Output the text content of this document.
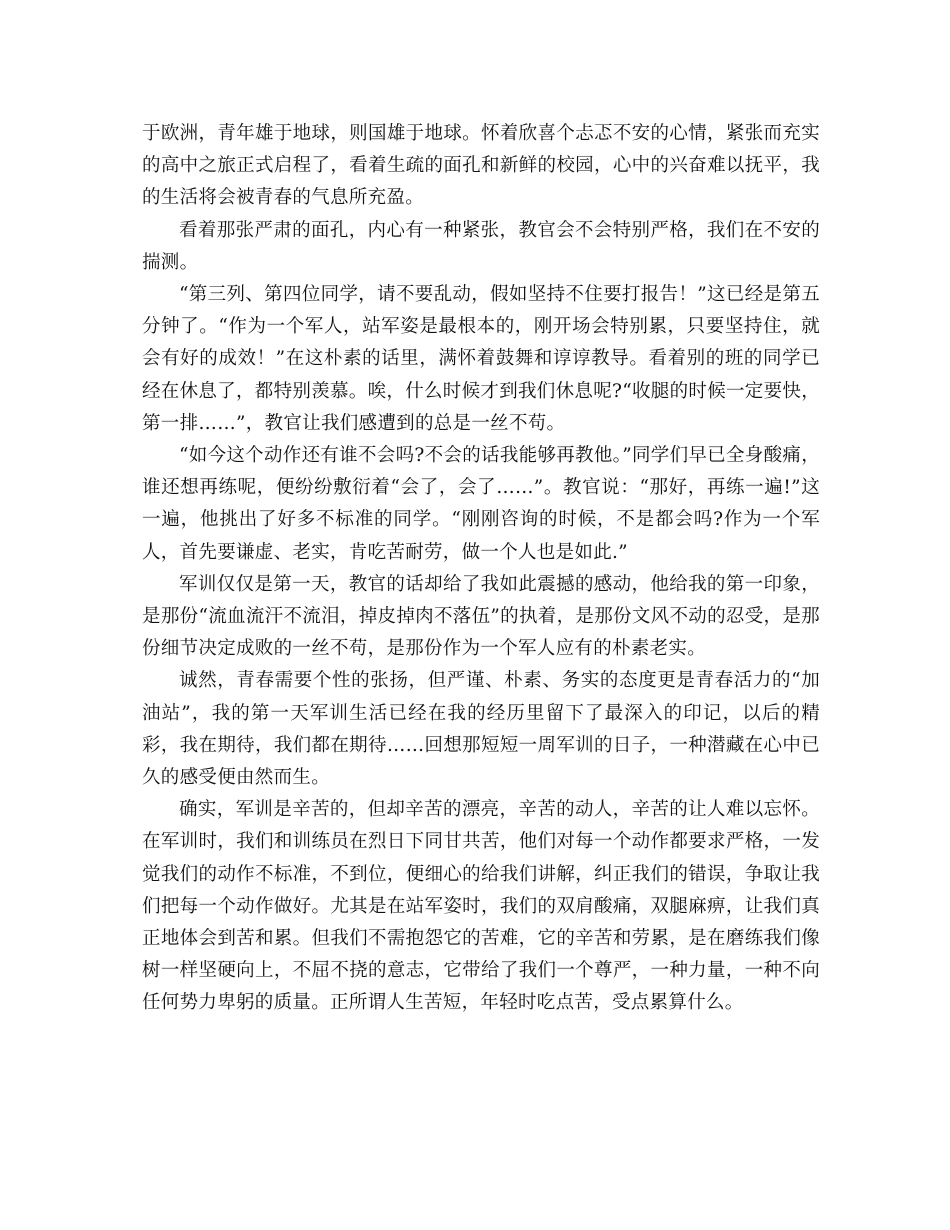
于欧洲，青年雄于地球，则国雄于地球。怀着欣喜个忐忑不安的心情，紧张而充实的高中之旅正式启程了，看着生疏的面孔和新鲜的校园，心中的兴奋难以抚平，我的生活将会被青春的气息所充盈。

看着那张严肃的面孔，内心有一种紧张，教官会不会特别严格，我们在不安的揣测。

“第三列、第四位同学，请不要乱动，假如坚持不住要打报告！”这已经是第五分钟了。“作为一个军人，站军姿是最根本的，刚开场会特别累，只要坚持住，就会有好的成效！”在这朴素的话里，满怀着鼓舞和谆谆教导。看着别的班的同学已经在休息了，都特别羡慕。唉，什么时候才到我们休息呢?“收腿的时候一定要快，第一排……”，教官让我们感遭到的总是一丝不苟。

“如今这个动作还有谁不会吗?不会的话我能够再教他。”同学们早已全身酸痛，谁还想再练呢，便纷纷敷衍着“会了，会了……”。教官说：“那好，再练一遍!”这一遍，他挑出了好多不标准的同学。“刚刚咨询的时候，不是都会吗?作为一个军人，首先要谦虚、老实，肯吃苦耐劳，做一个人也是如此.”

军训仅仅是第一天，教官的话却给了我如此震撼的感动，他给我的第一印象，是那份“流血流汗不流泪，掉皮掉肉不落伍”的执着，是那份文风不动的忍受，是那份细节决定成败的一丝不苟，是那份作为一个军人应有的朴素老实。

诚然，青春需要个性的张扬，但严谨、朴素、务实的态度更是青春活力的“加油站”，我的第一天军训生活已经在我的经历里留下了最深入的印记，以后的精彩，我在期待，我们都在期待……回想那短短一周军训的日子，一种潜藏在心中已久的感受便由然而生。

确实，军训是辛苦的，但却辛苦的漂亮，辛苦的动人，辛苦的让人难以忘怀。在军训时，我们和训练员在烈日下同甘共苦，他们对每一个动作都要求严格，一发觉我们的动作不标准，不到位，便细心的给我们讲解，纠正我们的错误，争取让我们把每一个动作做好。尤其是在站军姿时，我们的双肩酸痛，双腿麻痹，让我们真正地体会到苦和累。但我们不需抱怨它的苦难，它的辛苦和劳累，是在磨练我们像树一样坚硬向上，不屈不挠的意志，它带给了我们一个尊严，一种力量，一种不向任何势力卑躬的质量。正所谓人生苦短，年轻时吃点苦，受点累算什么。
